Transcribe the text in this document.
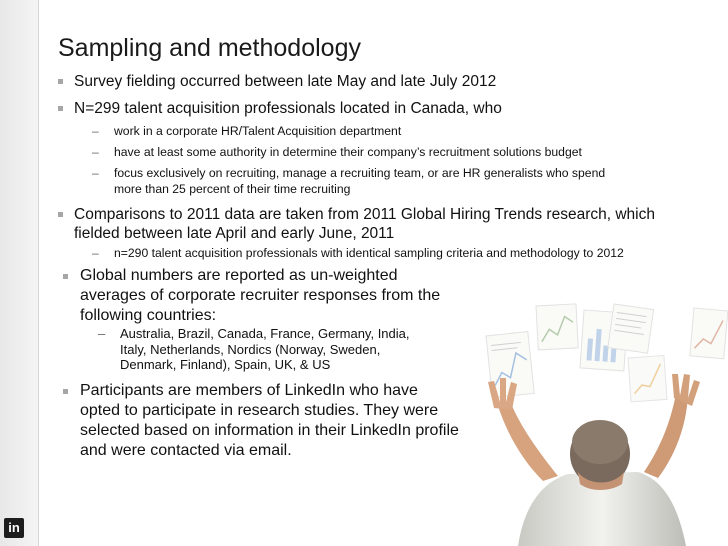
in
Sampling and methodology
Survey fielding occurred between late May and late July 2012
N=299 talent acquisition professionals located in Canada, who
– work in a corporate HR/Talent Acquisition department
– have at least some authority in determine their company’s recruitment solutions budget
– focus exclusively on recruiting, manage a recruiting team, or are HR generalists who spend
more than 25 percent of their time recruiting
Comparisons to 2011 data are taken from 2011 Global Hiring Trends research, which
fielded between late April and early June, 2011
– n=290 talent acquisition professionals with identical sampling criteria and methodology to 2012
Global numbers are reported as un-weighted
averages of corporate recruiter responses from the
following countries:
– Australia, Brazil, Canada, France, Germany, India,
Italy, Netherlands, Nordics (Norway, Sweden,
Denmark, Finland), Spain, UK, & US
Participants are members of LinkedIn who have
opted to participate in research studies. They were
selected based on information in their LinkedIn profile
and were contacted via email.
